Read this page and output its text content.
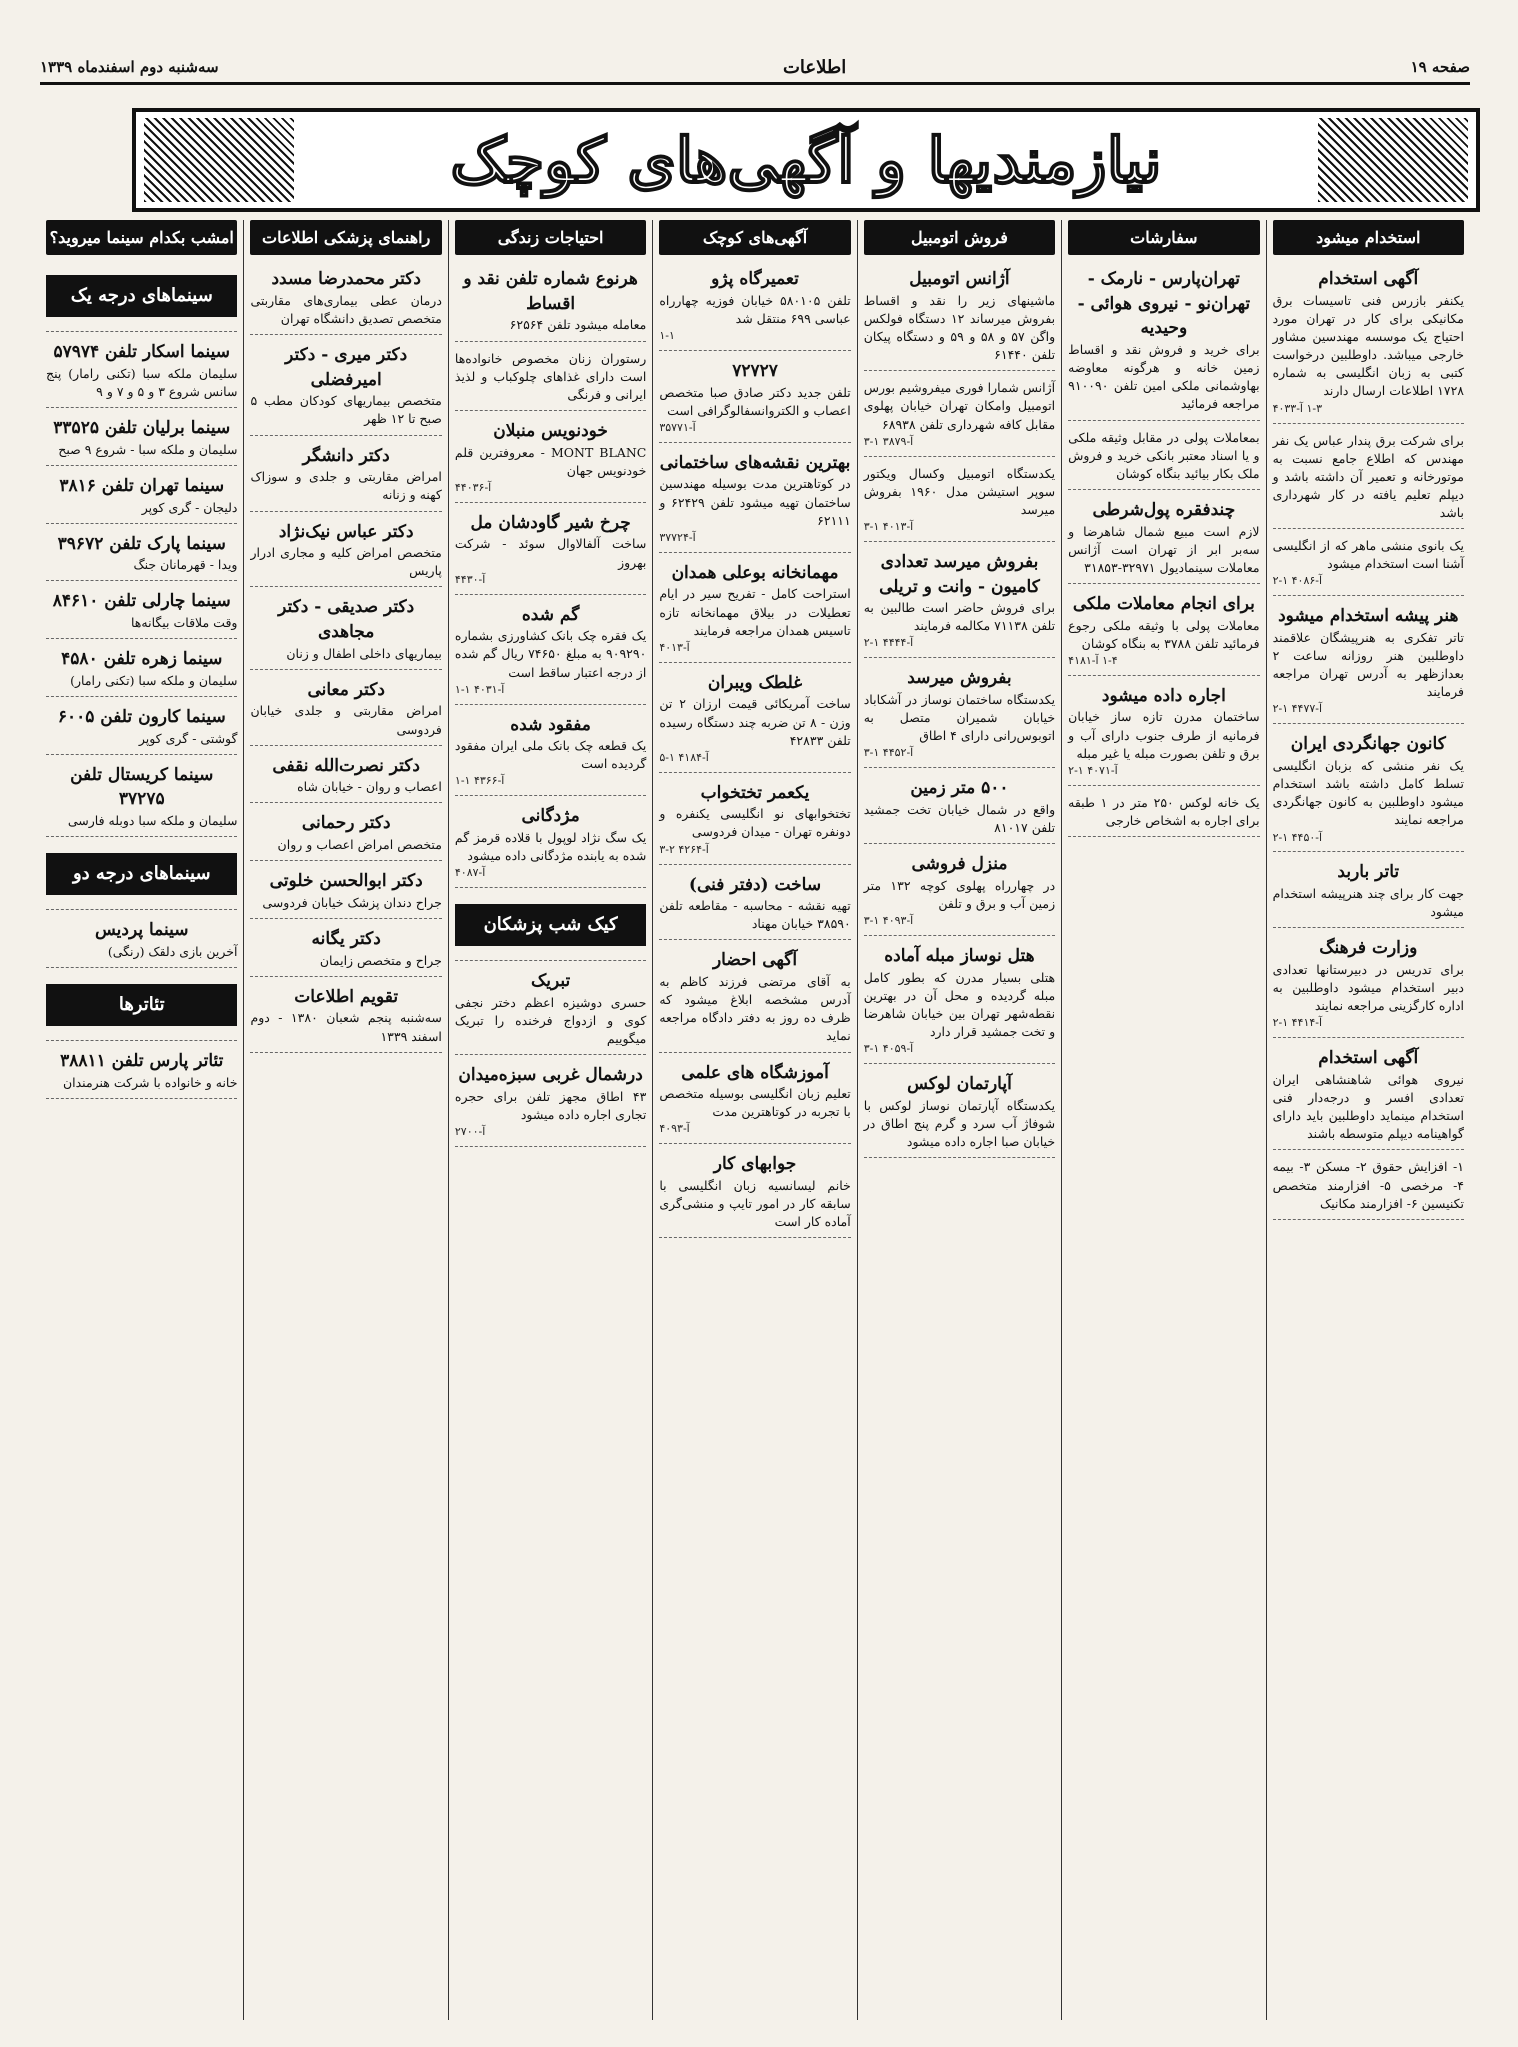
سه‌شنبه دوم اسفندماه ۱۳۳۹	اطلاعات	صفحه ۱۹
نیازمندیها و آگهی‌های کوچک
استخدام میشود
آگهی استخدام
یکنفر بازرس فنی تاسیسات برق مکانیکی برای کار در تهران مورد احتیاج یک موسسه مهندسین مشاور خارجی میباشد. داوطلبین درخواست کتبی به زبان انگلیسی به شماره ۱۷۲۸ اطلاعات ارسال دارند
۱-۳ آ-۴۰۳۳
برای شرکت برق پندار عباس یک نفر مهندس که اطلاع جامع نسبت به موتورخانه و تعمیر آن داشته باشد و دیپلم تعلیم یافته در کار شهرداری باشد
یک بانوی منشی ماهر که از انگلیسی آشنا است استخدام میشود
آ-۴۰۸۶ ۱-۲
هنر پیشه استخدام میشود
تاتر تفکری به هنرپیشگان علاقمند داوطلبین هنر روزانه ساعت ۲ بعدازظهر به آدرس تهران مراجعه فرمایند
آ-۴۴۷۷ ۱-۲
کانون جهانگردی ایران
یک نفر منشی که بزبان انگلیسی تسلط کامل داشته باشد استخدام میشود داوطلبین به کانون جهانگردی مراجعه نمایند
آ-۴۴۵۰ ۱-۲
تاتر باربد
جهت کار برای چند هنرپیشه استخدام میشود
وزارت فرهنگ
برای تدریس در دبیرستانها تعدادی دبیر استخدام میشود داوطلبین به اداره کارگزینی مراجعه نمایند
آ-۴۴۱۴ ۱-۲
آگهی استخدام
نیروی هوائی شاهنشاهی ایران تعدادی افسر و درجه‌دار فنی استخدام مینماید داوطلبین باید دارای گواهینامه دیپلم متوسطه باشند
۱- افزایش حقوق ۲- مسکن ۳- بیمه ۴- مرخصی ۵- افزارمند متخصص تکنیسین ۶- افزارمند مکانیک
سفارشات
تهران‌پارس - نارمک - تهران‌نو - نیروی هوائی - وحیدیه
برای خرید و فروش نقد و اقساط زمین خانه و هرگونه معاوضه بهاوشمانی ملکی امین تلفن ۹۱۰۰۹۰ مراجعه فرمائید
بمعاملات پولی در مقابل وثیقه ملکی و یا اسناد معتبر بانکی خرید و فروش ملک بکار بیائید بنگاه کوشان
چندفقره پول‌شرطی
لازم است مبیع شمال شاهرضا و سه‌بر ابر از تهران است آژانس معاملات سینمادیول ۳۲۹۷۱-۳۱۸۵۳
برای انجام معاملات ملکی
معاملات پولی با وثیقه ملکی رجوع فرمائید تلفن ۳۷۸۸ به بنگاه کوشان
۱-۴ آ-۴۱۸۱
اجاره داده میشود
ساختمان مدرن تازه ساز خیابان فرمانیه از طرف جنوب دارای آب و برق و تلفن بصورت مبله یا غیر مبله
آ-۴۰۷۱ ۱-۲
یک خانه لوکس ۲۵۰ متر در ۱ طبقه برای اجاره به اشخاص خارجی
فروش اتومبیل
آژانس اتومبیل
ماشینهای زیر را نقد و اقساط بفروش میرساند ۱۲ دستگاه فولکس واگن ۵۷ و ۵۸ و ۵۹ و دستگاه پیکان تلفن ۶۱۴۴۰
آژانس شمارا فوری میفروشیم بورس اتومبیل وامکان تهران خیابان پهلوی مقابل کافه شهرداری تلفن ۶۸۹۳۸
آ-۳۸۷۹ ۱-۳
یکدستگاه اتومبیل وکسال ویکتور سوپر استیشن مدل ۱۹۶۰ بفروش میرسد
آ-۴۰۱۳ ۱-۳
بفروش میرسد تعدادی کامیون - وانت و تریلی
برای فروش حاضر است طالبین به تلفن ۷۱۱۳۸ مکالمه فرمایند
آ-۴۴۴۴ ۱-۲
بفروش میرسد
یکدستگاه ساختمان نوساز در آشکاباد خیابان شمیران متصل به اتوبوس‌رانی دارای ۴ اطاق
آ-۴۴۵۲ ۱-۳
۵۰۰ متر زمین
واقع در شمال خیابان تخت جمشید تلفن ۸۱۰۱۷
منزل فروشی
در چهارراه پهلوی کوچه ۱۳۲ متر زمین آب و برق و تلفن
آ-۴۰۹۳ ۱-۳
هتل نوساز مبله آماده
هتلی بسیار مدرن که بطور کامل مبله گردیده و محل آن در بهترین نقطه‌شهر تهران بین خیابان شاهرضا و تخت جمشید قرار دارد
آ-۴۰۵۹ ۱-۳
آپارتمان لوکس
یکدستگاه آپارتمان نوساز لوکس با شوفاژ آب سرد و گرم پنج اطاق در خیابان صبا اجاره داده میشود
آگهی‌های کوچک
تعمیرگاه پژو
تلفن ۵۸۰۱۰۵ خیابان فوزیه چهارراه عباسی ۶۹۹ منتقل شد
۱-۱
۷۲۷۲۷
تلفن جدید دکتر صادق صبا متخصص اعصاب و الکتروانسفالوگرافی است
آ-۳۵۷۷۱
بهترین نقشه‌های ساختمانی
در کوتاهترین مدت بوسیله مهندسین ساختمان تهیه میشود تلفن ۶۲۴۲۹ و ۶۲۱۱۱
آ-۳۷۷۲۴
مهمانخانه بوعلی همدان
استراحت کامل - تفریح سیر در ایام تعطیلات در بیلاق مهمانخانه تازه تاسیس همدان مراجعه فرمایند
آ-۴۰۱۳
غلطک ویبران
ساخت آمریکائی قیمت ارزان ۲ تن وزن - ۸ تن ضربه چند دستگاه رسیده تلفن ۴۲۸۳۳
آ-۴۱۸۴ ۱-۵
یکعمر تختخواب
تختخوابهای نو انگلیسی یکنفره و دونفره تهران - میدان فردوسی
آ-۴۲۶۴ ۲-۳
ساخت (دفتر فنی)
تهیه نقشه - محاسبه - مقاطعه تلفن ۳۸۵۹۰ خیابان مهناد
آگهی احضار
به آقای مرتضی فرزند کاظم به آدرس مشخصه ابلاغ میشود که ظرف ده روز به دفتر دادگاه مراجعه نماید
آموزشگاه های علمی
تعلیم زبان انگلیسی بوسیله متخصص با تجربه در کوتاهترین مدت
آ-۴۰۹۳
جوابهای کار
خانم لیسانسیه زبان انگلیسی با سابقه کار در امور تایپ و منشی‌گری آماده کار است
احتیاجات زندگی
هرنوع شماره تلفن نقد و اقساط
معامله میشود تلفن ۶۲۵۶۴
رستوران زنان مخصوص خانواده‌ها است دارای غذاهای چلوکباب و لذیذ ایرانی و فرنگی
خودنویس منبلان
MONT BLANC - معروفترین قلم خودنویس جهان
آ-۴۴۰۳۶
چرخ شیر گاودشان مل
ساخت آلفالاوال سوئد - شرکت بهروز
آ-۴۴۳۰
گم شده
یک فقره چک بانک کشاورزی بشماره ۹۰۹۲۹۰ به مبلغ ۷۴۶۵۰ ریال گم شده از درجه اعتبار ساقط است
آ-۴۰۳۱ ۱-۱
مفقود شده
یک قطعه چک بانک ملی ایران مفقود گردیده است
آ-۴۳۶۶ ۱-۱
مژدگانی
یک سگ نژاد لوپول با قلاده قرمز گم شده به یابنده مژدگانی داده میشود
آ-۴۰۸۷
کیک شب پزشکان
تبریک
حسری دوشیزه اعظم دختر نجفی کوی و ازدواج فرخنده را تبریک میگوییم
درشمال غربی سبزه‌میدان
۴۳ اطاق مجهز تلفن برای حجره تجاری اجاره داده میشود
آ-۲۷۰۰
راهنمای پزشکی اطلاعات
دکتر محمدرضا مسدد
درمان عطی بیماری‌های مقاربتی متخصص تصدیق دانشگاه تهران
دکتر میری - دکتر امیرفضلی
متخصص بیماریهای کودکان مطب ۵ صبح تا ۱۲ ظهر
دکتر دانشگر
امراض مقاربتی و جلدی و سوزاک کهنه و زنانه
دکتر عباس نیک‌نژاد
متخصص امراض کلیه و مجاری ادرار پاریس
دکتر صدیقی - دکتر مجاهدی
بیماریهای داخلی اطفال و زنان
دکتر معانی
امراض مقاربتی و جلدی خیابان فردوسی
دکتر نصرت‌الله نقفی
اعصاب و روان - خیابان شاه
دکتر رحمانی
متخصص امراض اعصاب و روان
دکتر ابوالحسن خلوتی
جراح دندان پزشک خیابان فردوسی
دکتر یگانه
جراح و متخصص زایمان
تقویم اطلاعات
سه‌شنبه پنجم شعبان ۱۳۸۰ - دوم اسفند ۱۳۳۹
امشب بکدام سینما میروید؟
سینماهای درجه یک
سینما اسکار تلفن ۵۷۹۷۴
سلیمان ملکه سبا (تکنی رامار) پنج سانس شروع ۳ و ۵ و ۷ و ۹
سینما برلیان تلفن ۳۳۵۲۵
سلیمان و ملکه سبا - شروع ۹ صبح
سینما تهران تلفن ۳۸۱۶
دلیجان - گری کوپر
سینما پارک تلفن ۳۹۶۷۲
ویدا - قهرمانان جنگ
سینما چارلی تلفن ۸۴۶۱۰
وقت ملاقات بیگانه‌ها
سینما زهره تلفن ۴۵۸۰
سلیمان و ملکه سبا (تکنی رامار)
سینما کارون تلفن ۶۰۰۵
گوشتی - گری کوپر
سینما کریستال تلفن ۳۷۲۷۵
سلیمان و ملکه سبا دوبله فارسی
سینماهای درجه دو
سینما پردیس
آخرین بازی دلقک (رنگی)
تئاترها
تئاتر پارس تلفن ۳۸۸۱۱
خانه و خانواده با شرکت هنرمندان
